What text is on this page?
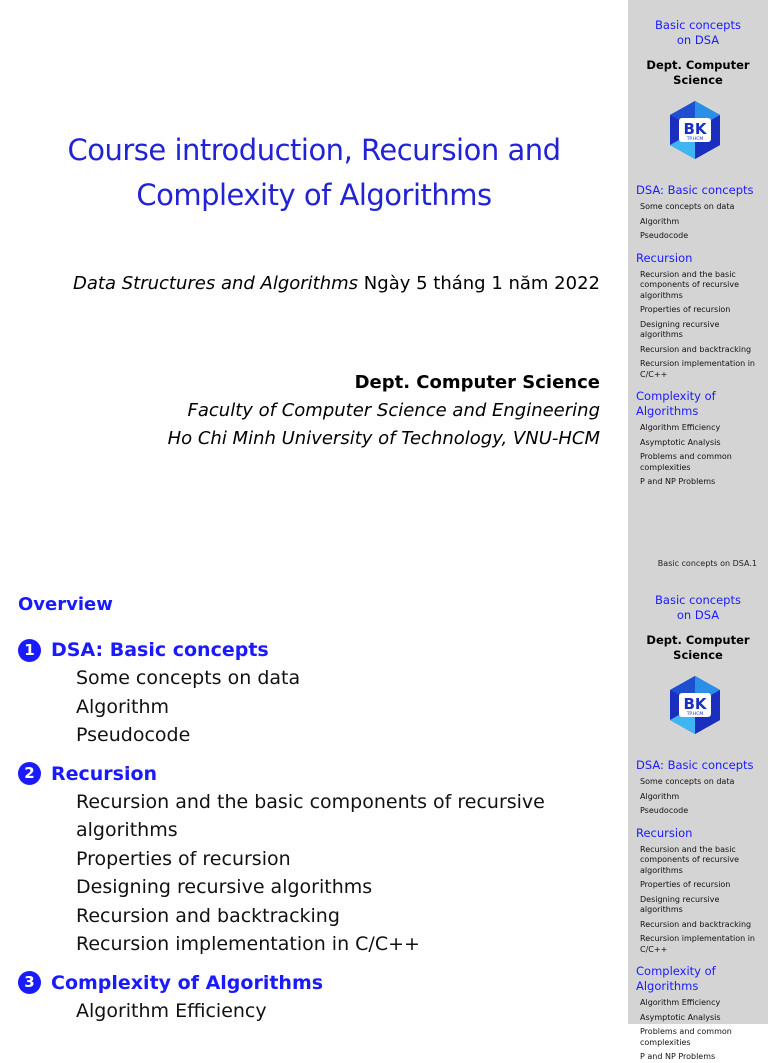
Course introduction, Recursion and
Complexity of Algorithms
Data Structures and Algorithms Ngày 5 tháng 1 năm 2022
Dept. Computer Science
Faculty of Computer Science and Engineering
Ho Chi Minh University of Technology, VNU-HCM
Basic concepts
on DSA
Dept. Computer
Science
BK
TP.HCM
DSA: Basic concepts
Some concepts on data
Algorithm
Pseudocode
Recursion
Recursion and the basic
components of recursive
algorithms
Properties of recursion
Designing recursive algorithms
Recursion and backtracking
Recursion implementation in
C/C++
Complexity of
Algorithms
Algorithm Efficiency
Asymptotic Analysis
Problems and common
complexities
P and NP Problems
Basic concepts on DSA.1
Overview
1 DSA: Basic concepts
Some concepts on data
Algorithm
Pseudocode
2 Recursion
Recursion and the basic components of recursive
algorithms
Properties of recursion
Designing recursive algorithms
Recursion and backtracking
Recursion implementation in C/C++
3 Complexity of Algorithms
Algorithm Efficiency
Basic concepts
on DSA
Dept. Computer
Science
BK
TP.HCM
DSA: Basic concepts
Some concepts on data
Algorithm
Pseudocode
Recursion
Recursion and the basic
components of recursive
algorithms
Properties of recursion
Designing recursive algorithms
Recursion and backtracking
Recursion implementation in
C/C++
Complexity of
Algorithms
Algorithm Efficiency
Asymptotic Analysis
Problems and common
complexities
P and NP Problems
